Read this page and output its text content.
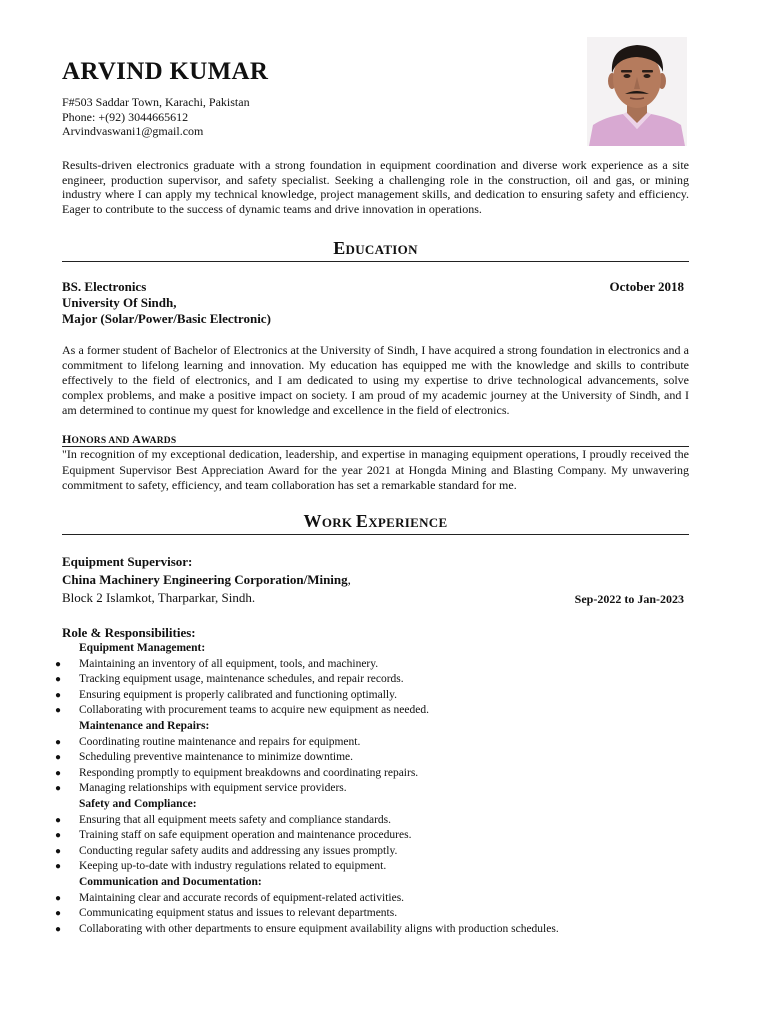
ARVIND KUMAR
F#503 Saddar Town, Karachi, Pakistan
Phone: +(92) 3044665612
Arvindvaswani1@gmail.com

Results-driven electronics graduate with a strong foundation in equipment coordination and diverse work experience as a site engineer, production supervisor, and safety specialist. Seeking a challenging role in the construction, oil and gas, or mining industry where I can apply my technical knowledge, project management skills, and dedication to ensuring safety and efficiency. Eager to contribute to the success of dynamic teams and drive innovation in operations.

EDUCATION
BS. Electronics
University Of Sindh,
Major (Solar/Power/Basic Electronic)
October 2018

As a former student of Bachelor of Electronics at the University of Sindh, I have acquired a strong foundation in electronics and a commitment to lifelong learning and innovation. My education has equipped me with the knowledge and skills to contribute effectively to the field of electronics, and I am dedicated to using my expertise to drive technological advancements, solve complex problems, and make a positive impact on society. I am proud of my academic journey at the University of Sindh, and I am determined to continue my quest for knowledge and excellence in the field of electronics.

HONORS AND AWARDS

"In recognition of my exceptional dedication, leadership, and expertise in managing equipment operations, I proudly received the Equipment Supervisor Best Appreciation Award for the year 2021 at Hongda Mining and Blasting Company. My unwavering commitment to safety, efficiency, and team collaboration has set a remarkable standard for me.

WORK EXPERIENCE
Equipment Supervisor:
China Machinery Engineering Corporation/Mining,
Block 2 Islamkot, Tharparkar, Sindh.	Sep-2022 to Jan-2023
Role & Responsibilities:
Equipment Management:
● Maintaining an inventory of all equipment, tools, and machinery.
● Tracking equipment usage, maintenance schedules, and repair records.
● Ensuring equipment is properly calibrated and functioning optimally.
● Collaborating with procurement teams to acquire new equipment as needed.
Maintenance and Repairs:
● Coordinating routine maintenance and repairs for equipment.
● Scheduling preventive maintenance to minimize downtime.
● Responding promptly to equipment breakdowns and coordinating repairs.
● Managing relationships with equipment service providers.
Safety and Compliance:
● Ensuring that all equipment meets safety and compliance standards.
● Training staff on safe equipment operation and maintenance procedures.
● Conducting regular safety audits and addressing any issues promptly.
● Keeping up-to-date with industry regulations related to equipment.
Communication and Documentation:
● Maintaining clear and accurate records of equipment-related activities.
● Communicating equipment status and issues to relevant departments.
● Collaborating with other departments to ensure equipment availability aligns with production schedules.
